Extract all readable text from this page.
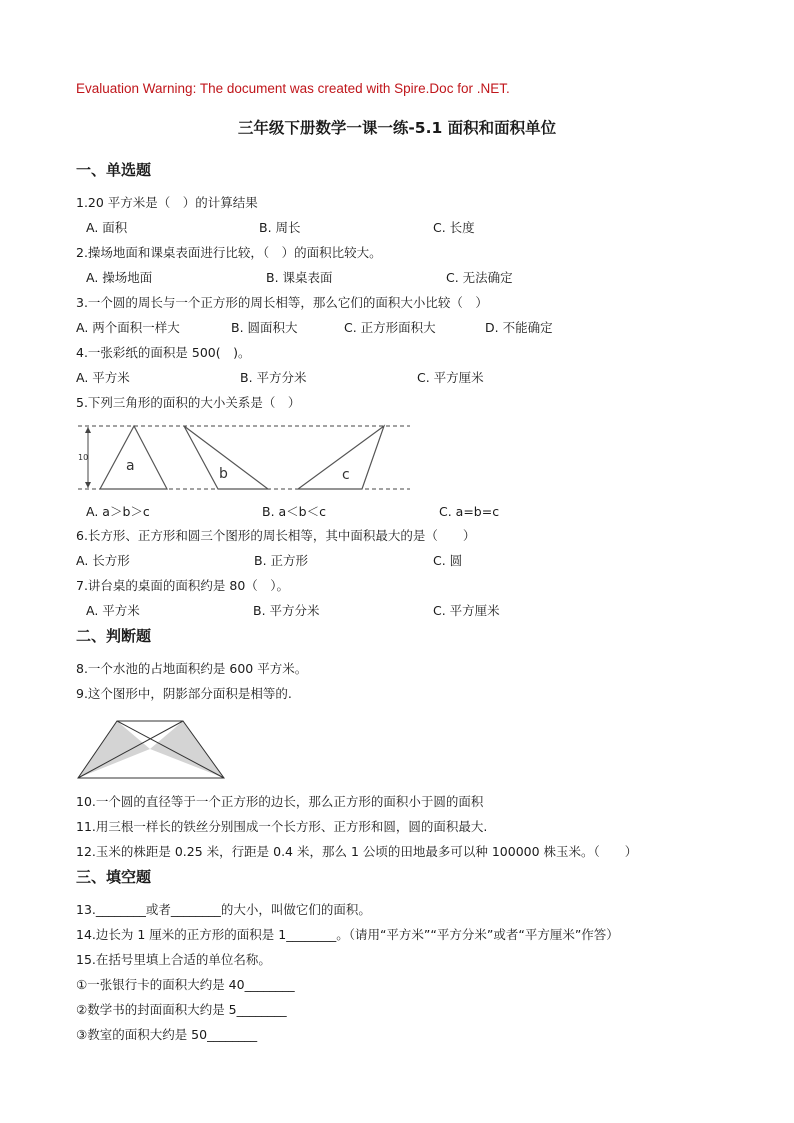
Evaluation Warning: The document was created with Spire.Doc for .NET.
三年级下册数学一课一练-5.1 面积和面积单位
一、单选题
1.20 平方米是（　）的计算结果
A. 面积	B. 周长	C. 长度
2.操场地面和课桌表面进行比较，（　）的面积比较大。
A. 操场地面	B. 课桌表面	C. 无法确定
3.一个圆的周长与一个正方形的周长相等，那么它们的面积大小比较（　）
A. 两个面积一样大	B. 圆面积大	C. 正方形面积大	D. 不能确定
4.一张彩纸的面积是 500(　)。
A. 平方米	B. 平方分米	C. 平方厘米
5.下列三角形的面积的大小关系是（　）
10
a	b	c
A. a＞b＞c	B. a＜b＜c	C. a=b=c
6.长方形、正方形和圆三个图形的周长相等，其中面积最大的是（　　）
A. 长方形	B. 正方形	C. 圆
7.讲台桌的桌面的面积约是 80（　）。
A. 平方米	B. 平方分米	C. 平方厘米
二、判断题
8.一个水池的占地面积约是 600 平方米。
9.这个图形中，阴影部分面积是相等的.
10.一个圆的直径等于一个正方形的边长，那么正方形的面积小于圆的面积
11.用三根一样长的铁丝分别围成一个长方形、正方形和圆，圆的面积最大.
12.玉米的株距是 0.25 米，行距是 0.4 米，那么 1 公顷的田地最多可以种 100000 株玉米。（　　）
三、填空题
13.________或者________的大小，叫做它们的面积。
14.边长为 1 厘米的正方形的面积是 1________。（请用“平方米”“平方分米”或者“平方厘米”作答）
15.在括号里填上合适的单位名称。
①一张银行卡的面积大约是 40________
②数学书的封面面积大约是 5________
③教室的面积大约是 50________
